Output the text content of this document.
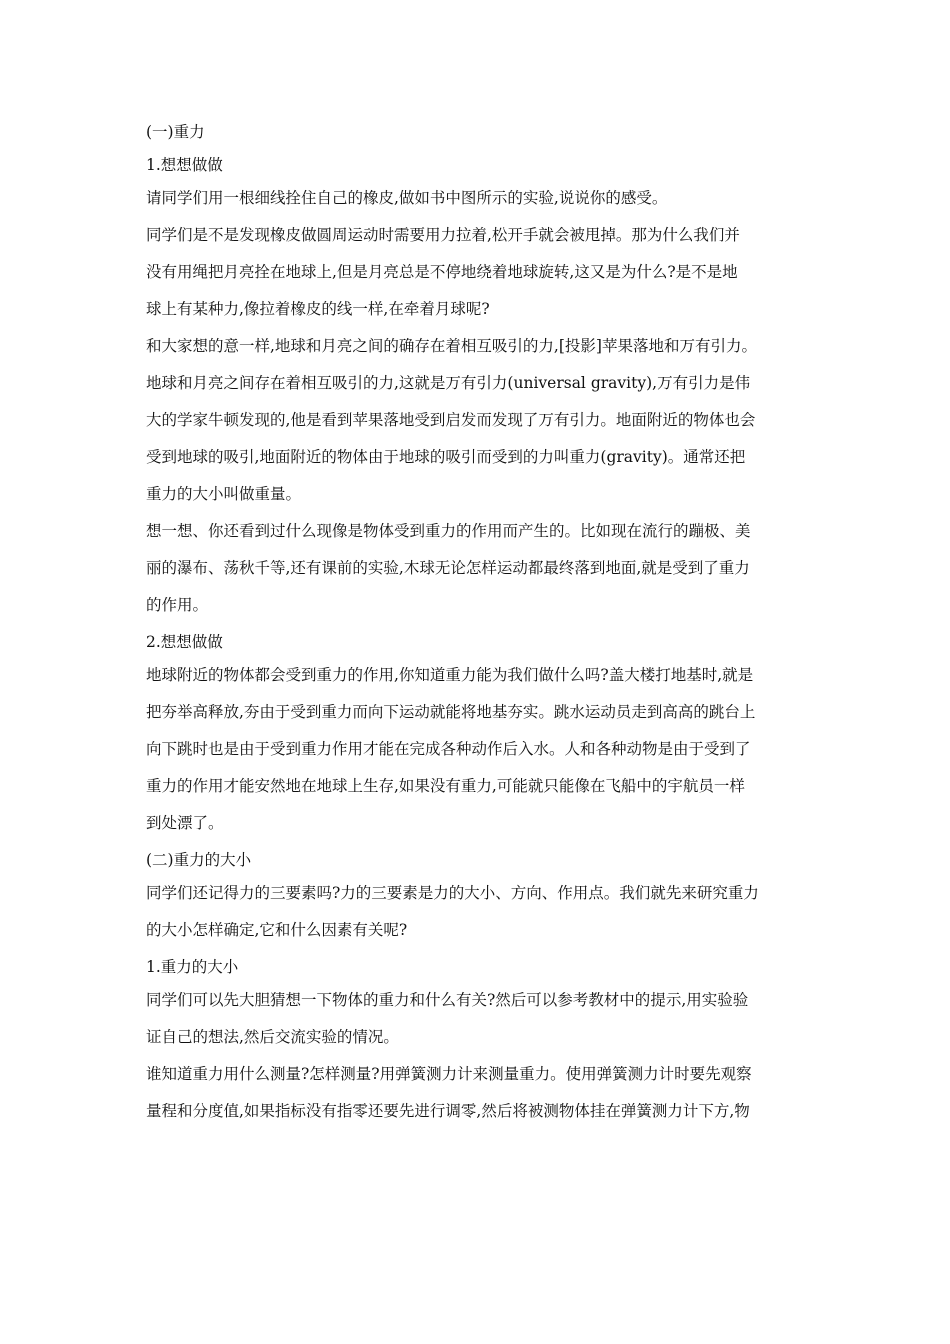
(一)重力
1.想想做做
请同学们用一根细线拴住自己的橡皮,做如书中图所示的实验,说说你的感受。
同学们是不是发现橡皮做圆周运动时需要用力拉着,松开手就会被甩掉。那为什么我们并
没有用绳把月亮拴在地球上,但是月亮总是不停地绕着地球旋转,这又是为什么?是不是地
球上有某种力,像拉着橡皮的线一样,在牵着月球呢?
和大家想的意一样,地球和月亮之间的确存在着相互吸引的力,[投影]苹果落地和万有引力。
地球和月亮之间存在着相互吸引的力,这就是万有引力(universal gravity),万有引力是伟
大的学家牛顿发现的,他是看到苹果落地受到启发而发现了万有引力。地面附近的物体也会
受到地球的吸引,地面附近的物体由于地球的吸引而受到的力叫重力(gravity)。通常还把
重力的大小叫做重量。
想一想、你还看到过什么现像是物体受到重力的作用而产生的。比如现在流行的蹦极、美
丽的瀑布、荡秋千等,还有课前的实验,木球无论怎样运动都最终落到地面,就是受到了重力
的作用。
2.想想做做
地球附近的物体都会受到重力的作用,你知道重力能为我们做什么吗?盖大楼打地基时,就是
把夯举高释放,夯由于受到重力而向下运动就能将地基夯实。跳水运动员走到高高的跳台上
向下跳时也是由于受到重力作用才能在完成各种动作后入水。人和各种动物是由于受到了
重力的作用才能安然地在地球上生存,如果没有重力,可能就只能像在飞船中的宇航员一样
到处漂了。
(二)重力的大小
同学们还记得力的三要素吗?力的三要素是力的大小、方向、作用点。我们就先来研究重力
的大小怎样确定,它和什么因素有关呢?
1.重力的大小
同学们可以先大胆猜想一下物体的重力和什么有关?然后可以参考教材中的提示,用实验验
证自己的想法,然后交流实验的情况。
谁知道重力用什么测量?怎样测量?用弹簧测力计来测量重力。使用弹簧测力计时要先观察
量程和分度值,如果指标没有指零还要先进行调零,然后将被测物体挂在弹簧测力计下方,物
